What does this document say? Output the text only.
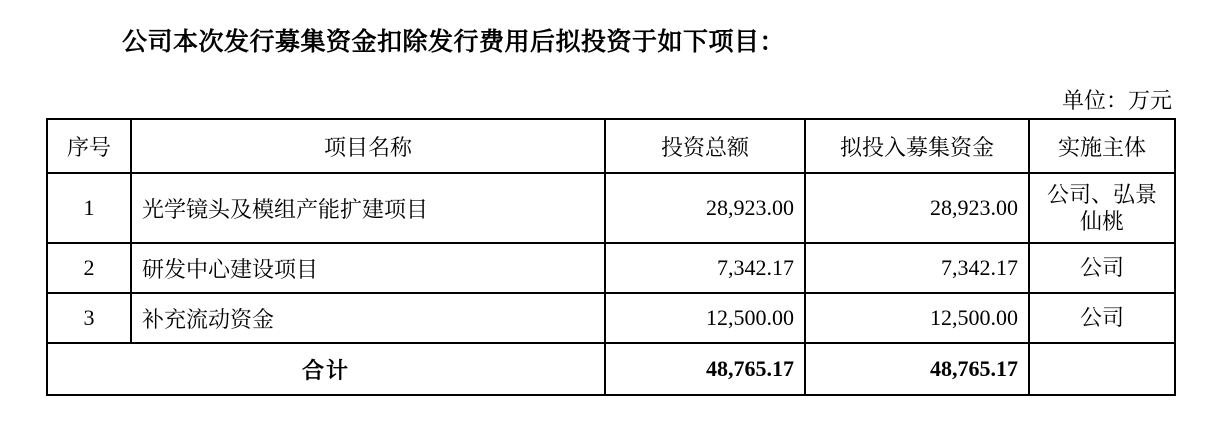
公司本次发行募集资金扣除发行费用后拟投资于如下项目：
单位：万元
序号	项目名称	投资总额	拟投入募集资金	实施主体
1	光学镜头及模组产能扩建项目	28,923.00	28,923.00	公司、弘景仙桃
2	研发中心建设项目	7,342.17	7,342.17	公司
3	补充流动资金	12,500.00	12,500.00	公司
合计		48,765.17	48,765.17	
